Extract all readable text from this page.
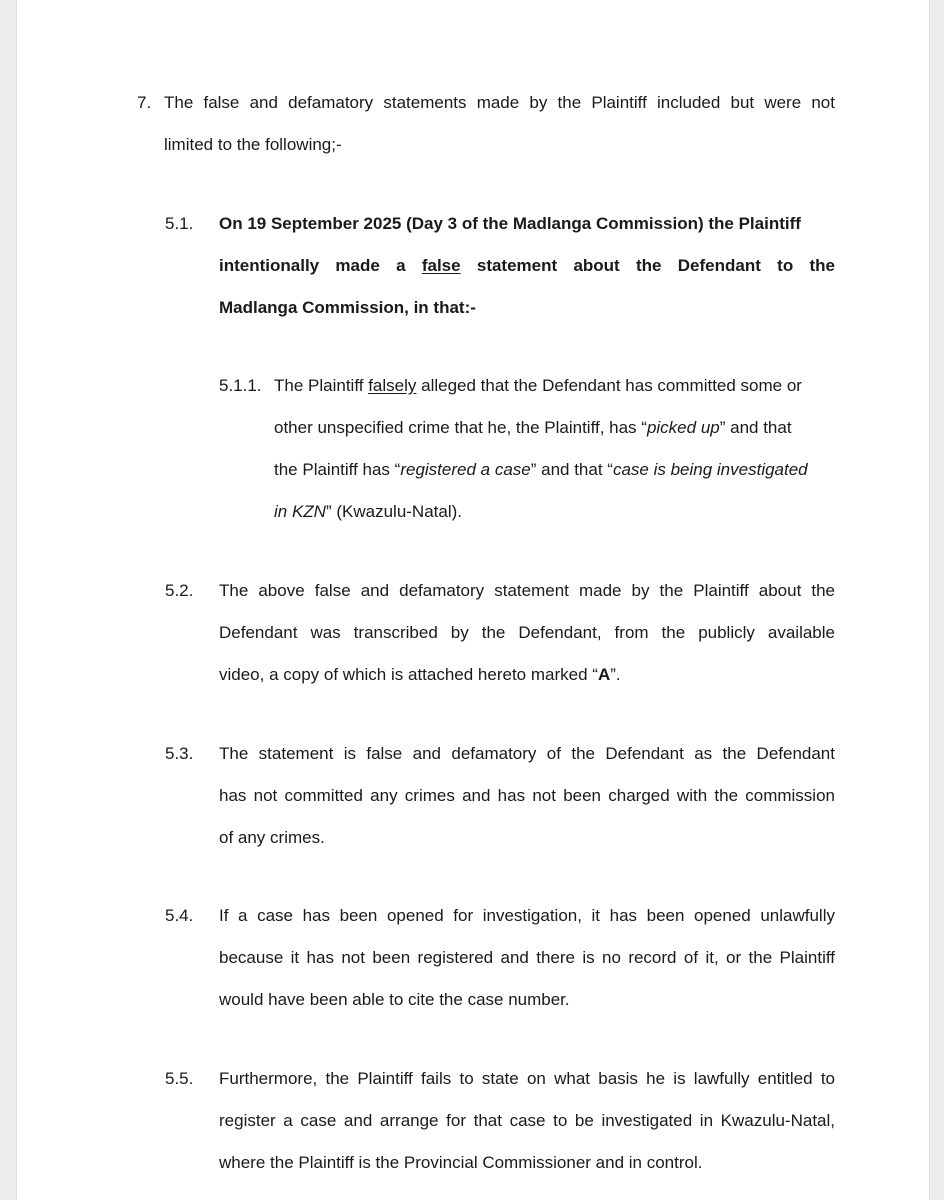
7. The false and defamatory statements made by the Plaintiff included but were not
limited to the following;-
5.1. On 19 September 2025 (Day 3 of the Madlanga Commission) the Plaintiff
intentionally made a false statement about the Defendant to the
Madlanga Commission, in that:-
5.1.1. The Plaintiff falsely alleged that the Defendant has committed some or
other unspecified crime that he, the Plaintiff, has “picked up” and that
the Plaintiff has “registered a case” and that “case is being investigated
in KZN” (Kwazulu-Natal).
5.2. The above false and defamatory statement made by the Plaintiff about the
Defendant was transcribed by the Defendant, from the publicly available
video, a copy of which is attached hereto marked “A”.
5.3. The statement is false and defamatory of the Defendant as the Defendant
has not committed any crimes and has not been charged with the commission
of any crimes.
5.4. If a case has been opened for investigation, it has been opened unlawfully
because it has not been registered and there is no record of it, or the Plaintiff
would have been able to cite the case number.
5.5. Furthermore, the Plaintiff fails to state on what basis he is lawfully entitled to
register a case and arrange for that case to be investigated in Kwazulu-Natal,
where the Plaintiff is the Provincial Commissioner and in control.
